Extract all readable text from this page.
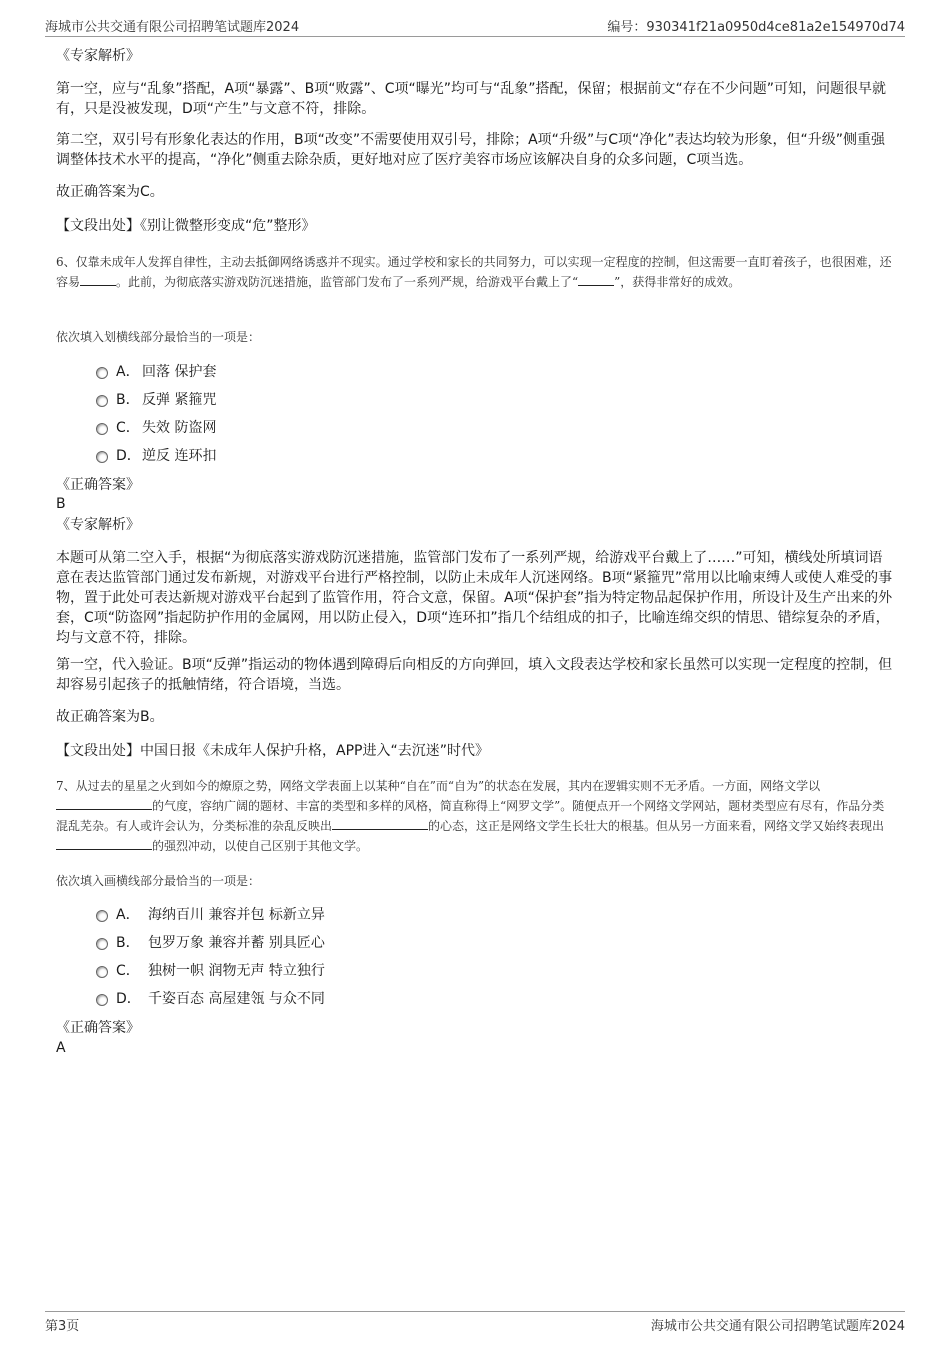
海城市公共交通有限公司招聘笔试题库2024	编号：930341f21a0950d4ce81a2e154970d74
《专家解析》

第一空，应与“乱象”搭配，A项“暴露”、B项“败露”、C项“曝光”均可与“乱象”搭配，保留；根据前文“存在不少问题”可知，问题很早就有，只是没被发现，D项“产生”与文意不符，排除。

第二空，双引号有形象化表达的作用，B项“改变”不需要使用双引号，排除；A项“升级”与C项“净化”表达均较为形象，但“升级”侧重强调整体技术水平的提高，“净化”侧重去除杂质，更好地对应了医疗美容市场应该解决自身的众多问题，C项当选。

故正确答案为C。

【文段出处】《别让微整形变成“危”整形》

6、仅靠未成年人发挥自律性，主动去抵御网络诱惑并不现实。通过学校和家长的共同努力，可以实现一定程度的控制，但这需要一直盯着孩子，也很困难，还容易	。此前，为彻底落实游戏防沉迷措施，监管部门发布了一系列严规，给游戏平台戴上了“	”，获得非常好的成效。

依次填入划横线部分最恰当的一项是：

A． 回落 保护套
B． 反弹 紧箍咒
C． 失效 防盗网
D．逆反 连环扣
《正确答案》
B
《专家解析》

本题可从第二空入手，根据“为彻底落实游戏防沉迷措施，监管部门发布了一系列严规，给游戏平台戴上了……”可知，横线处所填词语意在表达监管部门通过发布新规，对游戏平台进行严格控制，以防止未成年人沉迷网络。B项“紧箍咒”常用以比喻束缚人或使人难受的事物，置于此处可表达新规对游戏平台起到了监管作用，符合文意，保留。A项“保护套”指为特定物品起保护作用，所设计及生产出来的外套，C项“防盗网”指起防护作用的金属网，用以防止侵入，D项“连环扣”指几个结组成的扣子，比喻连绵交织的情思、错综复杂的矛盾，均与文意不符，排除。

第一空，代入验证。B项“反弹”指运动的物体遇到障碍后向相反的方向弹回，填入文段表达学校和家长虽然可以实现一定程度的控制，但却容易引起孩子的抵触情绪，符合语境，当选。

故正确答案为B。

【文段出处】中国日报《未成年人保护升格，APP进入“去沉迷”时代》

7、从过去的星星之火到如今的燎原之势，网络文学表面上以某种“自在”而“自为”的状态在发展，其内在逻辑实则不无矛盾。一方面，网络文学以的气度，容纳广阔的题材、丰富的类型和多样的风格，简直称得上“网罗文学”。随便点开一个网络文学网站，题材类型应有尽有，作品分类混乱芜杂。有人或许会认为，分类标准的杂乱反映出	的心态，这正是网络文学生长壮大的根基。但从另一方面来看，网络文学又始终表现出的强烈冲动，以使自己区别于其他文学。

依次填入画横线部分最恰当的一项是：

A． 海纳百川 兼容并包 标新立异
B． 包罗万象 兼容并蓄 别具匠心
C． 独树一帜 润物无声 特立独行
D． 千姿百态 高屋建瓴 与众不同
《正确答案》
A
第3页	海城市公共交通有限公司招聘笔试题库2024
